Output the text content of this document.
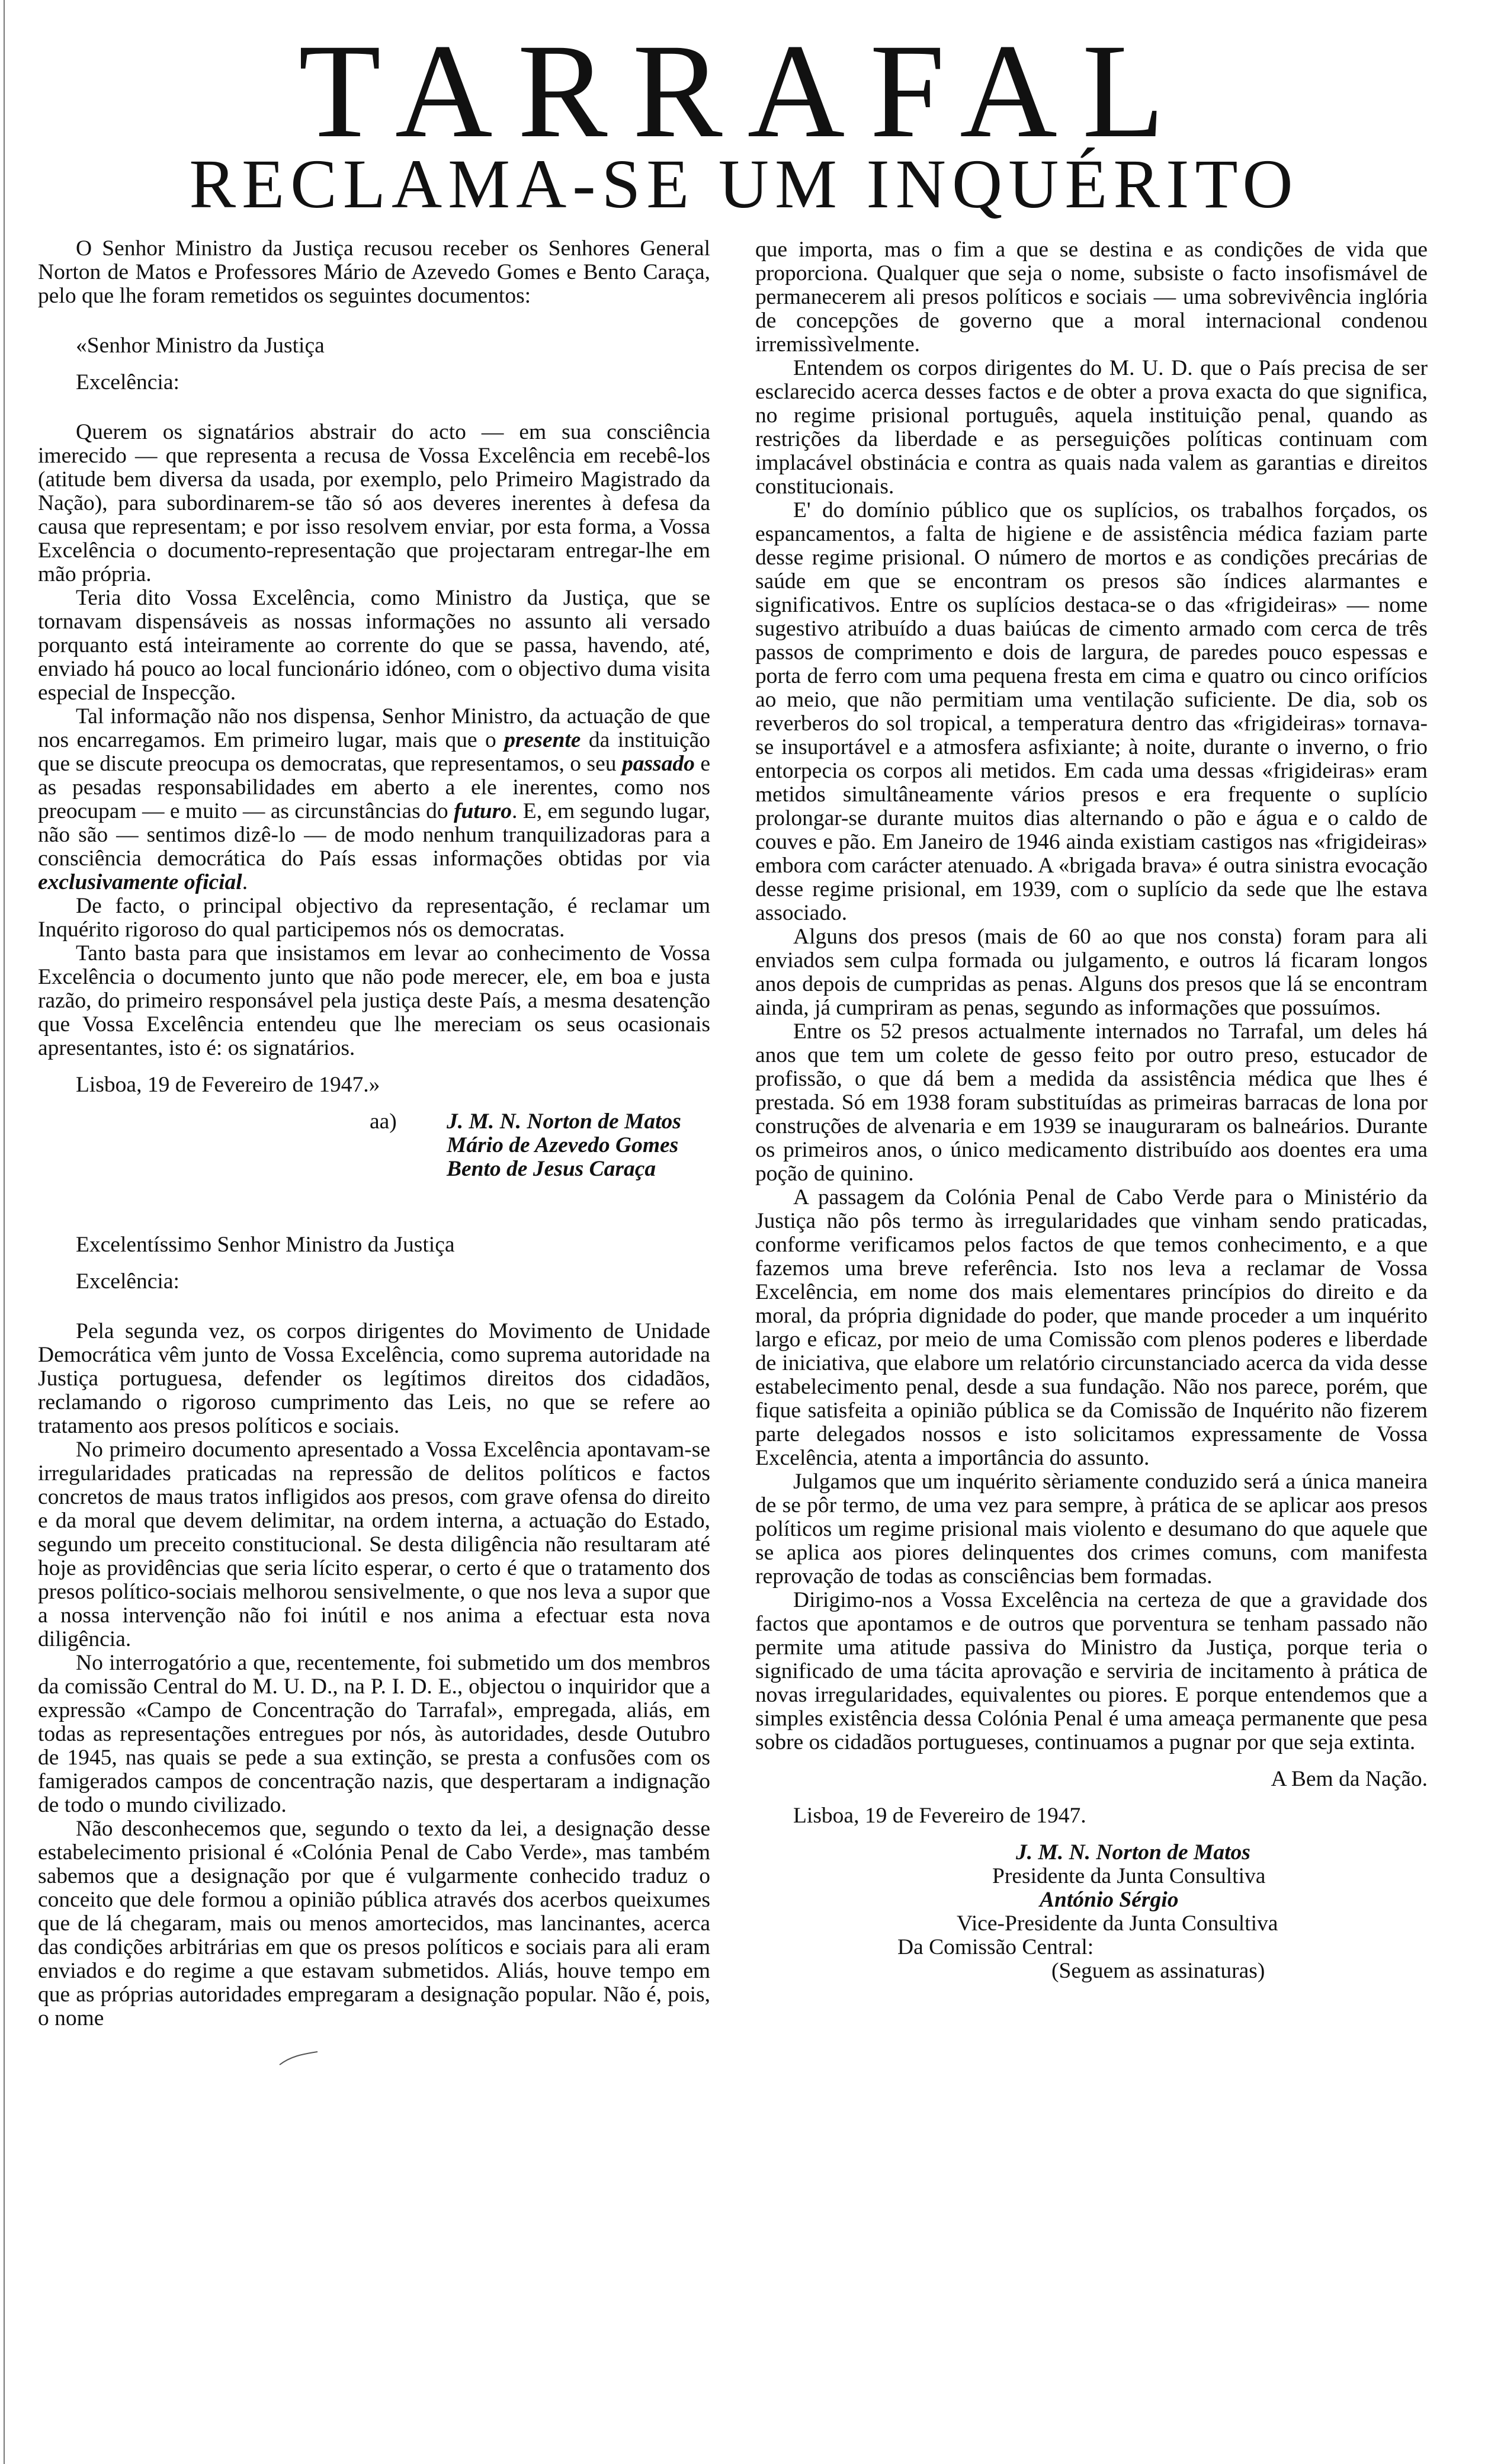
TARRAFAL
RECLAMA-SE UM INQUÉRITO

O Senhor Ministro da Justiça recusou receber os Senhores General Norton de Matos e Professores Mário de Azevedo Gomes e Bento Caraça, pelo que lhe foram remetidos os seguintes documentos:

«Senhor Ministro da Justiça

Excelência:

Querem os signatários abstrair do acto — em sua consciência imerecido — que representa a recusa de Vossa Excelência em recebê-los (atitude bem diversa da usada, por exemplo, pelo Primeiro Magistrado da Nação), para subordinarem-se tão só aos deveres inerentes à defesa da causa que representam; e por isso resolvem enviar, por esta forma, a Vossa Excelência o documento-representação que projectaram entregar-lhe em mão própria.

Teria dito Vossa Excelência, como Ministro da Justiça, que se tornavam dispensáveis as nossas informações no assunto ali versado porquanto está inteiramente ao corrente do que se passa, havendo, até, enviado há pouco ao local funcionário idóneo, com o objectivo duma visita especial de Inspecção.

Tal informação não nos dispensa, Senhor Ministro, da actuação de que nos encarregamos. Em primeiro lugar, mais que o presente da instituição que se discute preocupa os democratas, que representamos, o seu passado e as pesadas responsabilidades em aberto a ele inerentes, como nos preocupam — e muito — as circunstâncias do futuro. E, em segundo lugar, não são — sentimos dizê-lo — de modo nenhum tranquilizadoras para a consciência democrática do País essas informações obtidas por via exclusivamente oficial.

De facto, o principal objectivo da representação, é reclamar um Inquérito rigoroso do qual participemos nós os democratas.

Tanto basta para que insistamos em levar ao conhecimento de Vossa Excelência o documento junto que não pode merecer, ele, em boa e justa razão, do primeiro responsável pela justiça deste País, a mesma desatenção que Vossa Excelência entendeu que lhe mereciam os seus ocasionais apresentantes, isto é: os signatários.

Lisboa, 19 de Fevereiro de 1947.»

aa) J. M. N. Norton de Matos
Mário de Azevedo Gomes
Bento de Jesus Caraça

Excelentíssimo Senhor Ministro da Justiça

Excelência:

Pela segunda vez, os corpos dirigentes do Movimento de Unidade Democrática vêm junto de Vossa Excelência, como suprema autoridade na Justiça portuguesa, defender os legítimos direitos dos cidadãos, reclamando o rigoroso cumprimento das Leis, no que se refere ao tratamento aos presos políticos e sociais.

No primeiro documento apresentado a Vossa Excelência apontavam-se irregularidades praticadas na repressão de delitos políticos e factos concretos de maus tratos infligidos aos presos, com grave ofensa do direito e da moral que devem delimitar, na ordem interna, a actuação do Estado, segundo um preceito constitucional. Se desta diligência não resultaram até hoje as providências que seria lícito esperar, o certo é que o tratamento dos presos político-sociais melhorou sensivelmente, o que nos leva a supor que a nossa intervenção não foi inútil e nos anima a efectuar esta nova diligência.

No interrogatório a que, recentemente, foi submetido um dos membros da comissão Central do M. U. D., na P. I. D. E., objectou o inquiridor que a expressão «Campo de Concentração do Tarrafal», empregada, aliás, em todas as representações entregues por nós, às autoridades, desde Outubro de 1945, nas quais se pede a sua extinção, se presta a confusões com os famigerados campos de concentração nazis, que despertaram a indignação de todo o mundo civilizado.

Não desconhecemos que, segundo o texto da lei, a designação desse estabelecimento prisional é «Colónia Penal de Cabo Verde», mas também sabemos que a designação por que é vulgarmente conhecido traduz o conceito que dele formou a opinião pública através dos acerbos queixumes que de lá chegaram, mais ou menos amortecidos, mas lancinantes, acerca das condições arbitrárias em que os presos políticos e sociais para ali eram enviados e do regime a que estavam submetidos. Aliás, houve tempo em que as próprias autoridades empregaram a designação popular. Não é, pois, o nome

que importa, mas o fim a que se destina e as condições de vida que proporciona. Qualquer que seja o nome, subsiste o facto insofismável de permanecerem ali presos políticos e sociais — uma sobrevivência inglória de concepções de governo que a moral internacional condenou irremissìvelmente.

Entendem os corpos dirigentes do M. U. D. que o País precisa de ser esclarecido acerca desses factos e de obter a prova exacta do que significa, no regime prisional português, aquela instituição penal, quando as restrições da liberdade e as perseguições políticas continuam com implacável obstinácia e contra as quais nada valem as garantias e direitos constitucionais.

E' do domínio público que os suplícios, os trabalhos forçados, os espancamentos, a falta de higiene e de assistência médica faziam parte desse regime prisional. O número de mortos e as condições precárias de saúde em que se encontram os presos são índices alarmantes e significativos. Entre os suplícios destaca-se o das «frigideiras» — nome sugestivo atribuído a duas baiúcas de cimento armado com cerca de três passos de comprimento e dois de largura, de paredes pouco espessas e porta de ferro com uma pequena fresta em cima e quatro ou cinco orifícios ao meio, que não permitiam uma ventilação suficiente. De dia, sob os reverberos do sol tropical, a temperatura dentro das «frigideiras» tornava-se insuportável e a atmosfera asfixiante; à noite, durante o inverno, o frio entorpecia os corpos ali metidos. Em cada uma dessas «frigideiras» eram metidos simultâneamente vários presos e era frequente o suplício prolongar-se durante muitos dias alternando o pão e água e o caldo de couves e pão. Em Janeiro de 1946 ainda existiam castigos nas «frigideiras» embora com carácter atenuado. A «brigada brava» é outra sinistra evocação desse regime prisional, em 1939, com o suplício da sede que lhe estava associado.

Alguns dos presos (mais de 60 ao que nos consta) foram para ali enviados sem culpa formada ou julgamento, e outros lá ficaram longos anos depois de cumpridas as penas. Alguns dos presos que lá se encontram ainda, já cumpriram as penas, segundo as informações que possuímos.

Entre os 52 presos actualmente internados no Tarrafal, um deles há anos que tem um colete de gesso feito por outro preso, estucador de profissão, o que dá bem a medida da assistência médica que lhes é prestada. Só em 1938 foram substituídas as primeiras barracas de lona por construções de alvenaria e em 1939 se inauguraram os balneários. Durante os primeiros anos, o único medicamento distribuído aos doentes era uma poção de quinino.

A passagem da Colónia Penal de Cabo Verde para o Ministério da Justiça não pôs termo às irregularidades que vinham sendo praticadas, conforme verificamos pelos factos de que temos conhecimento, e a que fazemos uma breve referência. Isto nos leva a reclamar de Vossa Excelência, em nome dos mais elementares princípios do direito e da moral, da própria dignidade do poder, que mande proceder a um inquérito largo e eficaz, por meio de uma Comissão com plenos poderes e liberdade de iniciativa, que elabore um relatório circunstanciado acerca da vida desse estabelecimento penal, desde a sua fundação. Não nos parece, porém, que fique satisfeita a opinião pública se da Comissão de Inquérito não fizerem parte delegados nossos e isto solicitamos expressamente de Vossa Excelência, atenta a importância do assunto.

Julgamos que um inquérito sèriamente conduzido será a única maneira de se pôr termo, de uma vez para sempre, à prática de se aplicar aos presos políticos um regime prisional mais violento e desumano do que aquele que se aplica aos piores delinquentes dos crimes comuns, com manifesta reprovação de todas as consciências bem formadas.

Dirigimo-nos a Vossa Excelência na certeza de que a gravidade dos factos que apontamos e de outros que porventura se tenham passado não permite uma atitude passiva do Ministro da Justiça, porque teria o significado de uma tácita aprovação e serviria de incitamento à prática de novas irregularidades, equivalentes ou piores. E porque entendemos que a simples existência dessa Colónia Penal é uma ameaça permanente que pesa sobre os cidadãos portugueses, continuamos a pugnar por que seja extinta.

A Bem da Nação.

Lisboa, 19 de Fevereiro de 1947.

J. M. N. Norton de Matos
Presidente da Junta Consultiva
António Sérgio
Vice-Presidente da Junta Consultiva
Da Comissão Central:
(Seguem as assinaturas)
